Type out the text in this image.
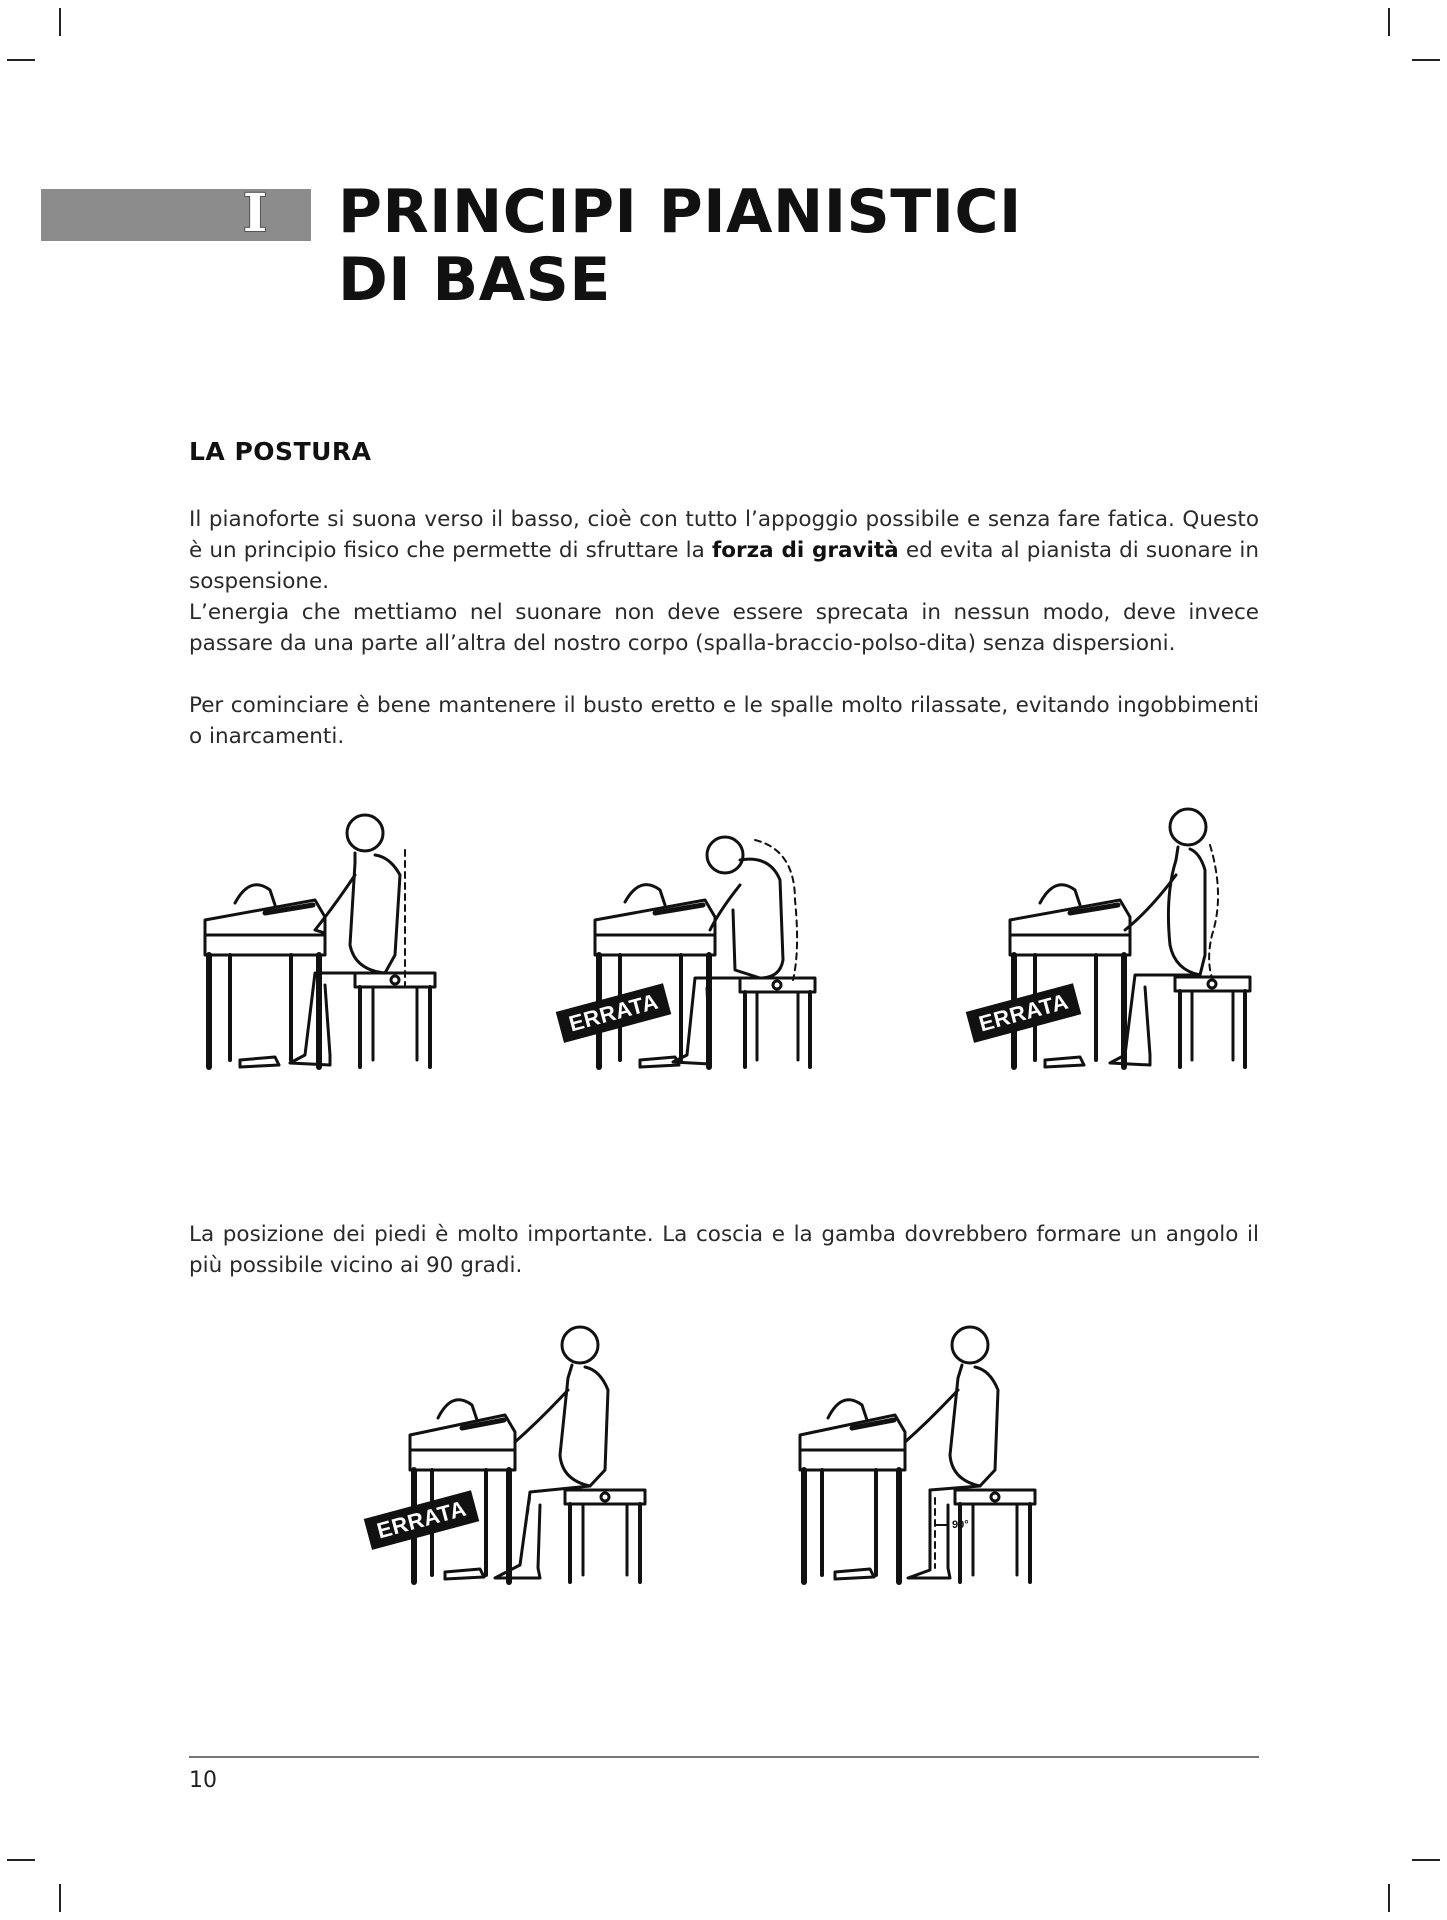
I PRINCIPI PIANISTICI
DI BASE
LA POSTURA

Il pianoforte si suona verso il basso, cioè con tutto l’appoggio possibile e senza fare fatica. Questo è un principio fisico che permette di sfruttare la forza di gravità ed evita al pianista di suonare in sospensione.

L’energia che mettiamo nel suonare non deve essere sprecata in nessun modo, deve invece passare da una parte all’altra del nostro corpo (spalla-braccio-polso-dita) senza dispersioni.

Per cominciare è bene mantenere il busto eretto e le spalle molto rilassate, evitando ingobbimenti o inarcamenti.

ERRATA	ERRATA

La posizione dei piedi è molto importante. La coscia e la gamba dovrebbero formare un angolo il più possibile vicino ai 90 gradi.

ERRATA	90°
10
